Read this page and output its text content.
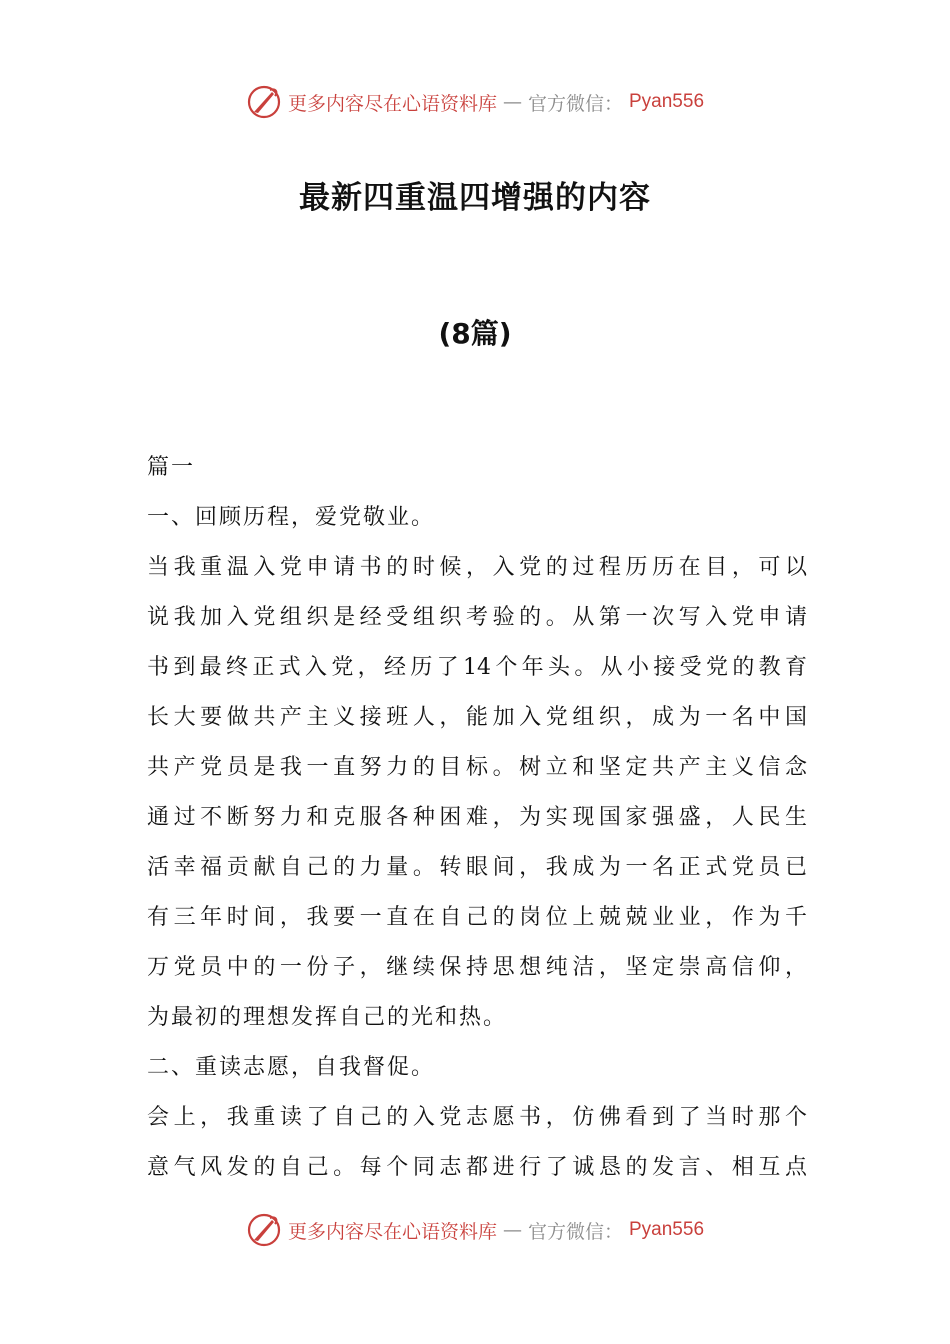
更多内容尽在心语资料库 — 官方微信： Pyan556
最新四重温四增强的内容
(8篇)
篇一
一、回顾历程，爱党敬业。
当我重温入党申请书的时候，入党的过程历历在目，可以
说我加入党组织是经受组织考验的。从第一次写入党申请
书到最终正式入党，经历了14个年头。从小接受党的教育
长大要做共产主义接班人，能加入党组织，成为一名中国
共产党员是我一直努力的目标。树立和坚定共产主义信念
通过不断努力和克服各种困难，为实现国家强盛，人民生
活幸福贡献自己的力量。转眼间，我成为一名正式党员已
有三年时间，我要一直在自己的岗位上兢兢业业，作为千
万党员中的一份子，继续保持思想纯洁，坚定崇高信仰，
为最初的理想发挥自己的光和热。
二、重读志愿，自我督促。
会上，我重读了自己的入党志愿书，仿佛看到了当时那个
意气风发的自己。每个同志都进行了诚恳的发言、相互点
更多内容尽在心语资料库 — 官方微信： Pyan556
